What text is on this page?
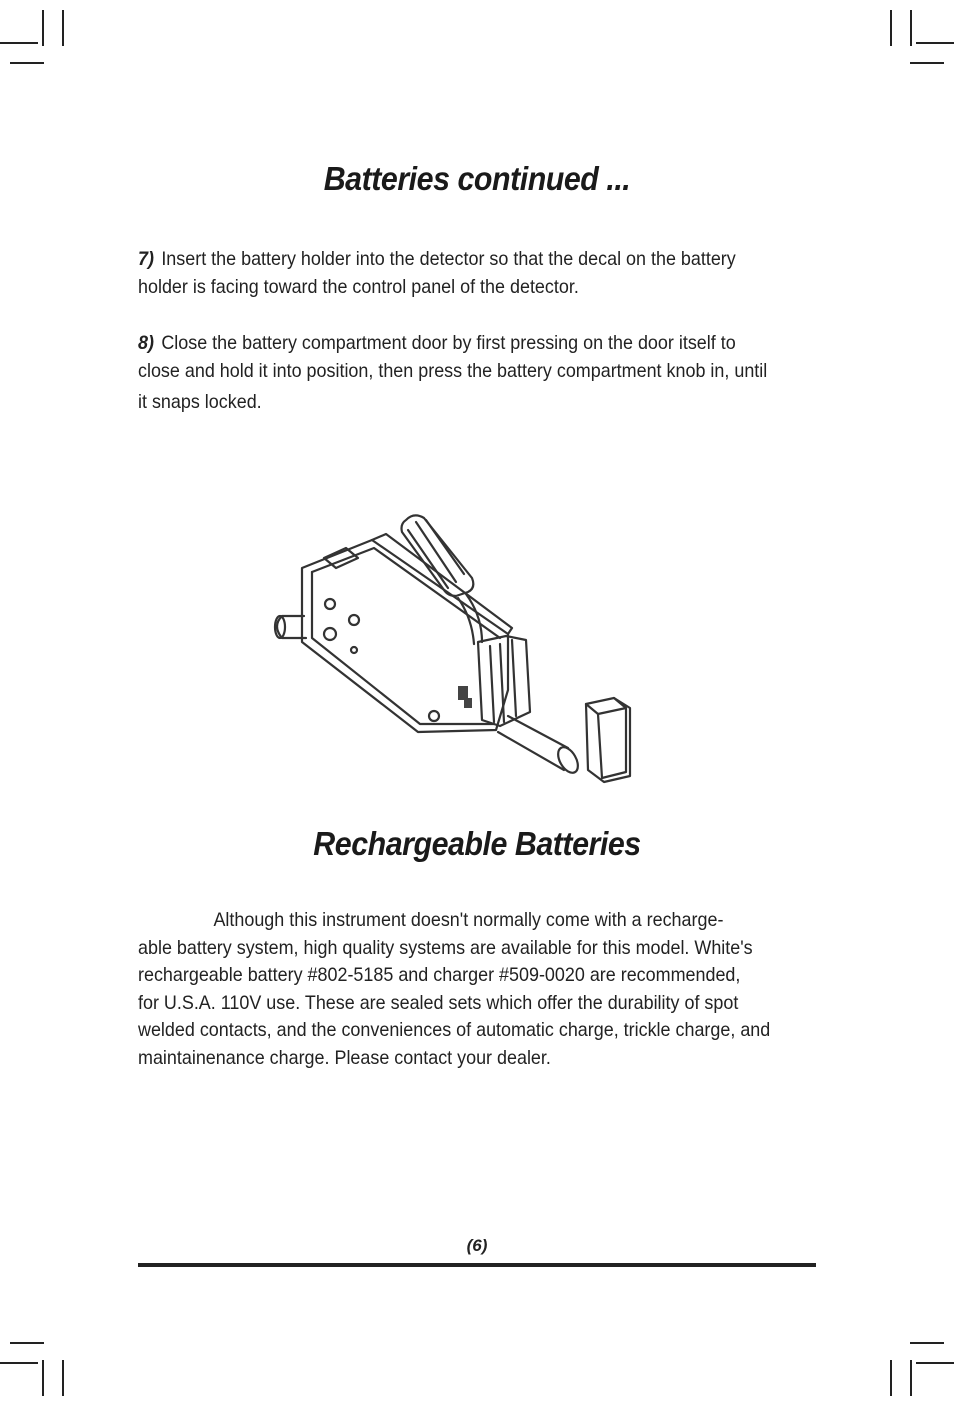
Batteries continued ...
7) Insert the battery holder into the detector so that the decal on the battery
holder is facing toward the control panel of the detector.
8) Close the battery compartment door by first pressing on the door itself to
close and hold it into position, then press the battery compartment knob in, until
it snaps locked.
Rechargeable Batteries
Although this instrument doesn't normally come with a recharge-
able battery system, high quality systems are available for this model. White's
rechargeable battery #802-5185 and charger #509-0020 are recommended,
for U.S.A. 110V use. These are sealed sets which offer the durability of spot
welded contacts, and the conveniences of automatic charge, trickle charge, and
maintainenance charge. Please contact your dealer.
(6)
